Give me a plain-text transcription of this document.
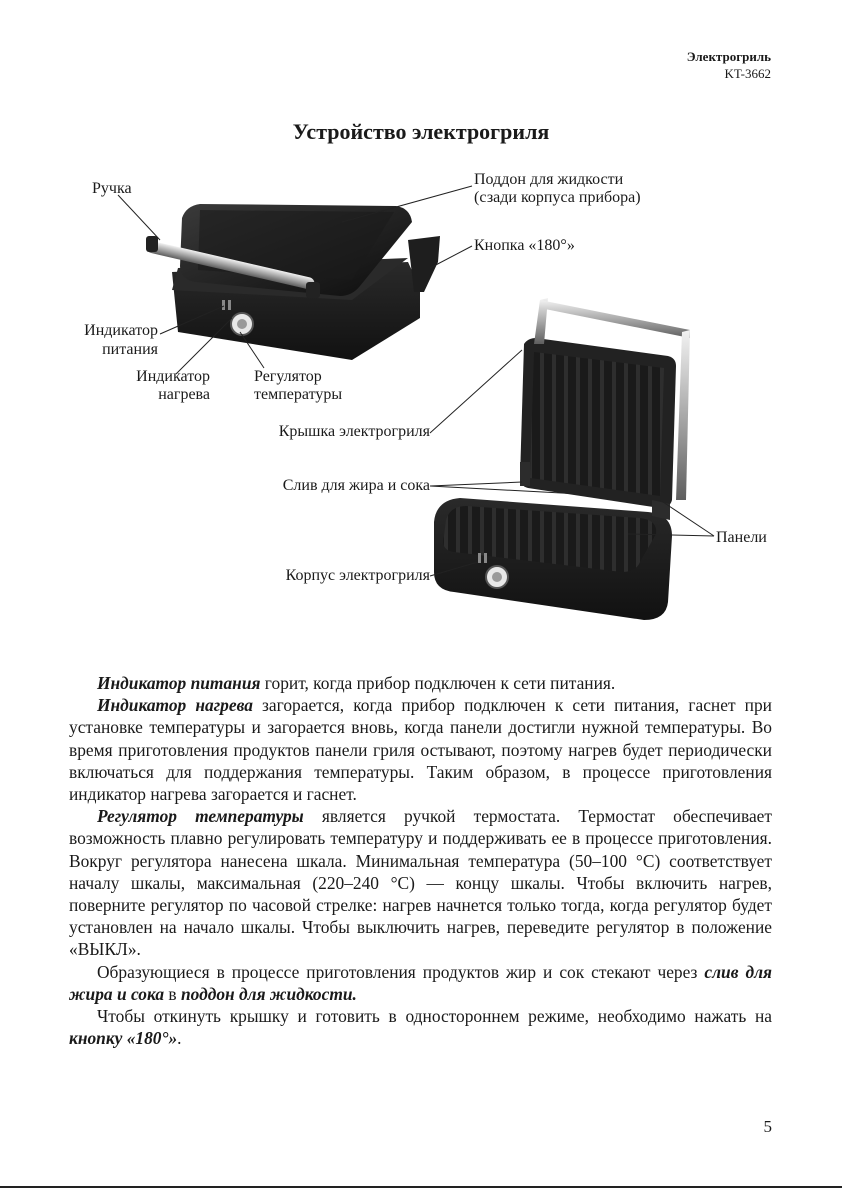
Электрогриль
KT-3662
Устройство электрогриля
Ручка
Поддон для жидкости
(сзади корпуса прибора)
Кнопка «180°»
Индикатор
питания
Индикатор
нагрева
Регулятор
температуры
Крышка электрогриля
Слив для жира и сока
Панели
Корпус электрогриля

Индикатор питания горит, когда прибор подключен к сети питания.

Индикатор нагрева загорается, когда прибор подключен к сети питания, гаснет при установке температуры и загорается вновь, когда панели достигли нужной температуры. Во время приготовления продуктов панели гриля остывают, поэтому нагрев будет периодически включаться для поддержания температуры. Таким образом, в процессе приготовления индикатор нагрева загорается и гаснет.

Регулятор температуры является ручкой термостата. Термостат обеспечивает возможность плавно регулировать температуру и поддерживать ее в процессе приготовления. Вокруг регулятора нанесена шкала. Минимальная температура (50–100 °C) соответствует началу шкалы, максимальная (220–240 °C) — концу шкалы. Чтобы включить нагрев, поверните регулятор по часовой стрелке: нагрев начнется только тогда, когда регулятор будет установлен на начало шкалы. Чтобы выключить нагрев, переведите регулятор в положение «ВЫКЛ».

Образующиеся в процессе приготовления продуктов жир и сок стекают через слив для жира и сока в поддон для жидкости.

Чтобы откинуть крышку и готовить в одностороннем режиме, необходимо нажать на кнопку «180°».

5
